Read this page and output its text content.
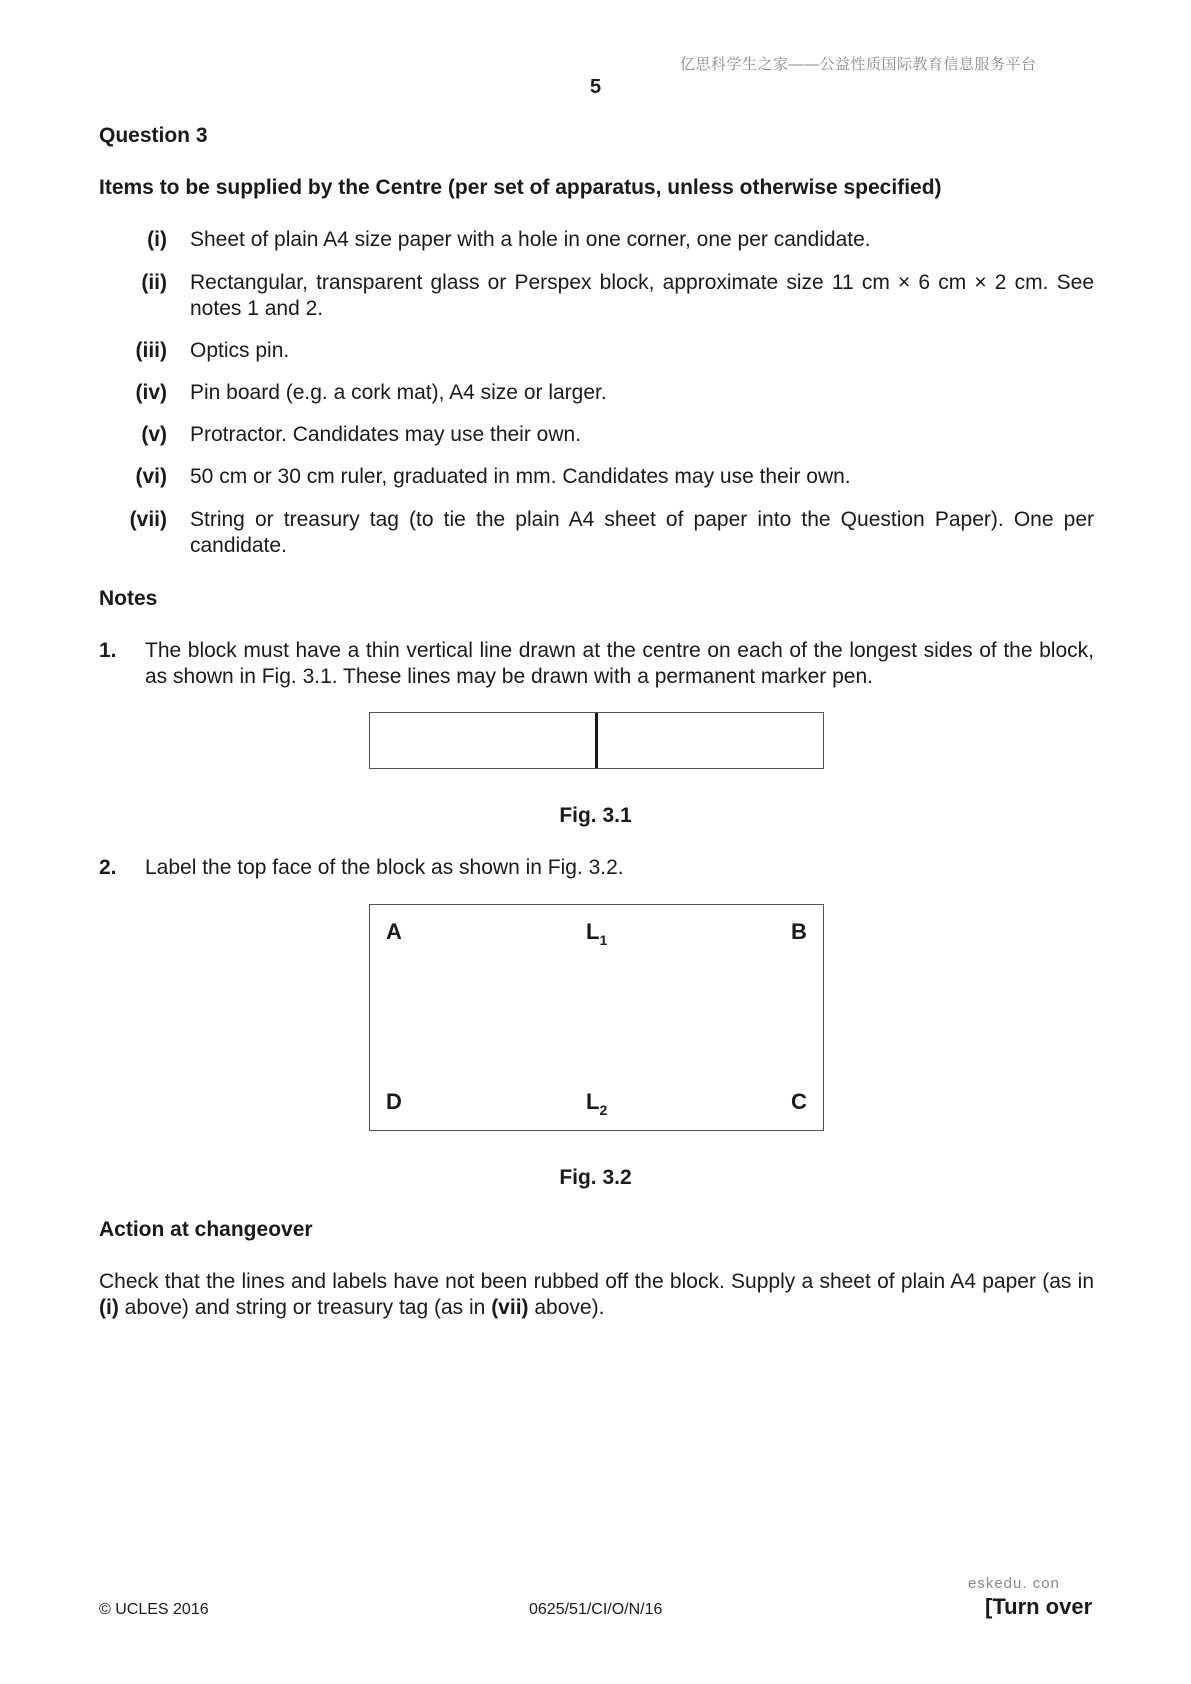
亿思科学生之家——公益性质国际教育信息服务平台
5
Question 3
Items to be supplied by the Centre (per set of apparatus, unless otherwise specified)
(i) Sheet of plain A4 size paper with a hole in one corner, one per candidate.
(ii) Rectangular, transparent glass or Perspex block, approximate size 11 cm × 6 cm × 2 cm. See notes 1 and 2.
(iii) Optics pin.
(iv) Pin board (e.g. a cork mat), A4 size or larger.
(v) Protractor. Candidates may use their own.
(vi) 50 cm or 30 cm ruler, graduated in mm. Candidates may use their own.
(vii) String or treasury tag (to tie the plain A4 sheet of paper into the Question Paper). One per candidate.
Notes
1. The block must have a thin vertical line drawn at the centre on each of the longest sides of the block, as shown in Fig. 3.1. These lines may be drawn with a permanent marker pen.
Fig. 3.1
2. Label the top face of the block as shown in Fig. 3.2.
A	$L_1$	B
D	$L_2$	C
Fig. 3.2
Action at changeover
Check that the lines and labels have not been rubbed off the block. Supply a sheet of plain A4 paper (as in (i) above) and string or treasury tag (as in (vii) above).
eskedu. con
© UCLES 2016	0625/51/CI/O/N/16	[Turn over
